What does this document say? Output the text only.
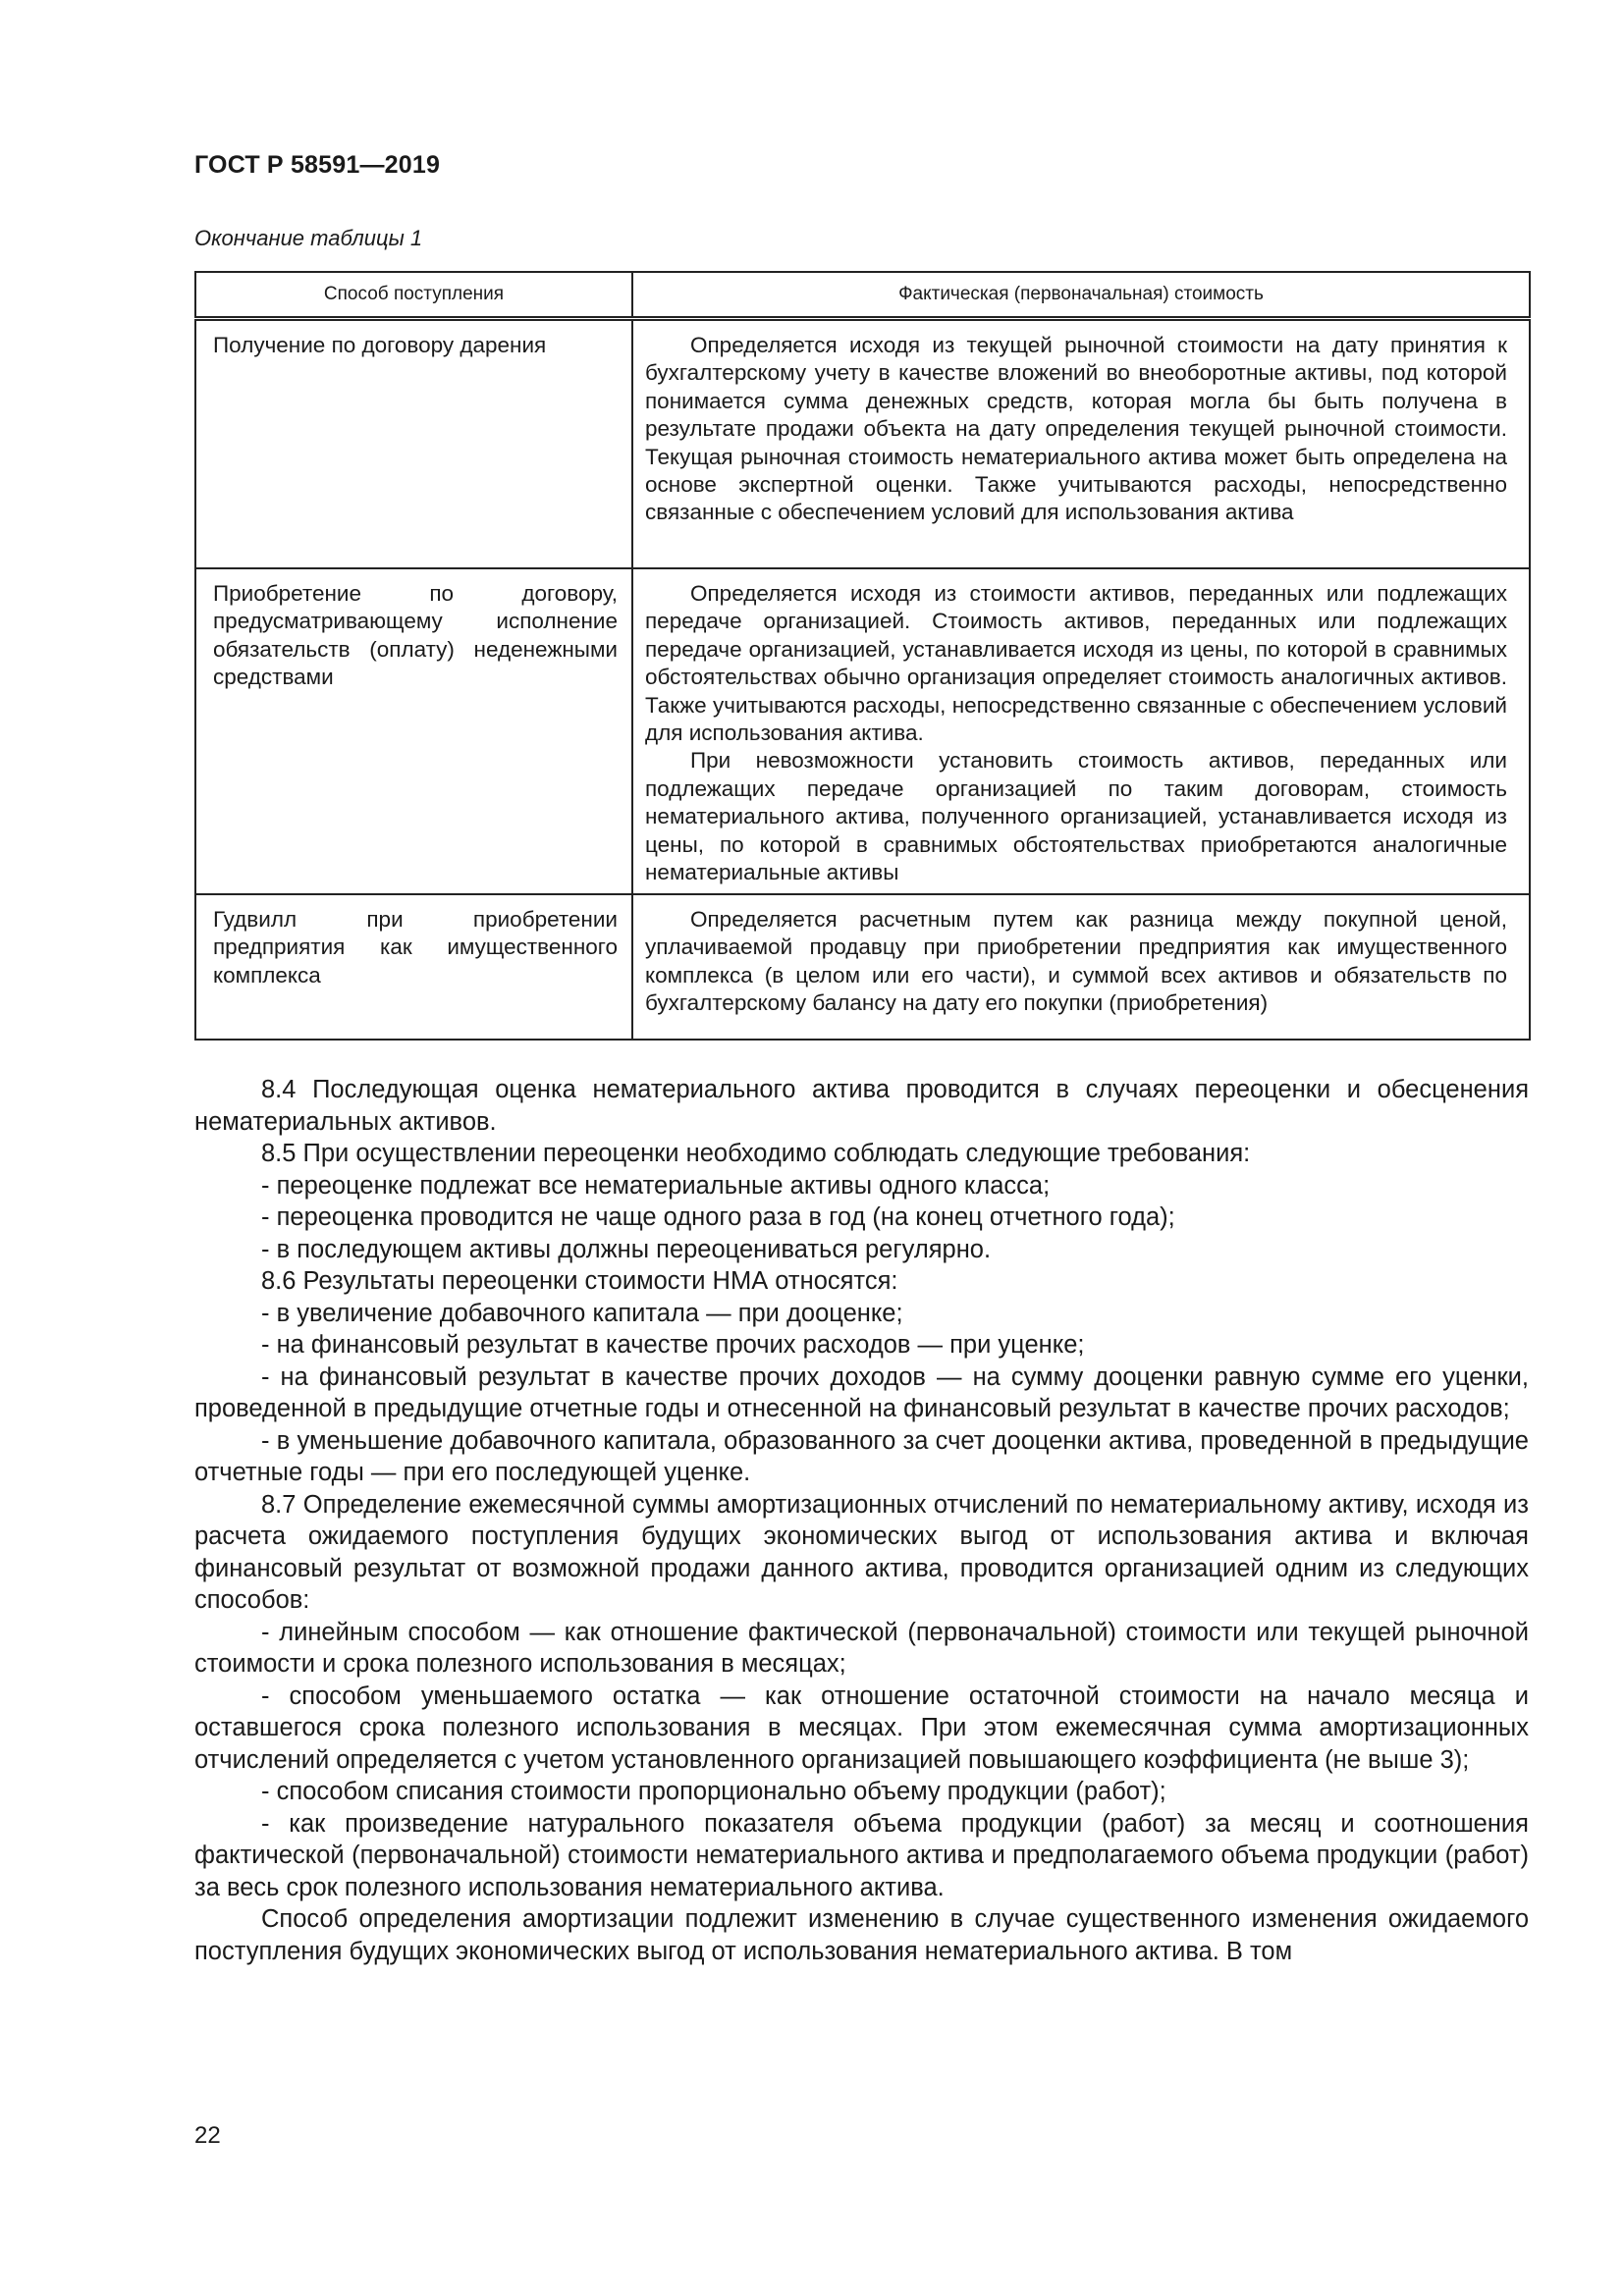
ГОСТ Р 58591—2019
Окончание таблицы 1
Способ поступления	Фактическая (первоначальная) стоимость
Получение по договору дарения	Определяется исходя из текущей рыночной стоимости на дату принятия к бухгалтерскому учету в качестве вложений во внеоборотные активы, под которой понимается сумма денежных средств, которая могла бы быть получена в результате продажи объекта на дату определения текущей рыночной стоимости. Текущая рыночная стоимость нематериального актива может быть определена на основе экспертной оценки. Также учитываются расходы, непосредственно связанные с обеспечением условий для использования актива

Приобретение по договору, предусматривающему исполнение обязательств (оплату) неденежными средствами	Определяется исходя из стоимости активов, переданных или подлежащих передаче организацией. Стоимость активов, переданных или подлежащих передаче организацией, устанавливается исходя из цены, по которой в сравнимых обстоятельствах обычно организация определяет стоимость аналогичных активов. Также учитываются расходы, непосредственно связанные с обеспечением условий для использования актива.

При невозможности установить стоимость активов, переданных или подлежащих передаче организацией по таким договорам, стоимость нематериального актива, полученного организацией, устанавливается исходя из цены, по которой в сравнимых обстоятельствах приобретаются аналогичные нематериальные активы

Гудвилл при приобретении предприятия как имущественного комплекса	Определяется расчетным путем как разница между покупной ценой, уплачиваемой продавцу при приобретении предприятия как имущественного комплекса (в целом или его части), и суммой всех активов и обязательств по бухгалтерскому балансу на дату его покупки (приобретения)

8.4 Последующая оценка нематериального актива проводится в случаях переоценки и обесценения нематериальных активов.

8.5 При осуществлении переоценки необходимо соблюдать следующие требования:

- переоценке подлежат все нематериальные активы одного класса;

- переоценка проводится не чаще одного раза в год (на конец отчетного года);

- в последующем активы должны переоцениваться регулярно.

8.6 Результаты переоценки стоимости НМА относятся:

- в увеличение добавочного капитала — при дооценке;

- на финансовый результат в качестве прочих расходов — при уценке;

- на финансовый результат в качестве прочих доходов — на сумму дооценки равную сумме его уценки, проведенной в предыдущие отчетные годы и отнесенной на финансовый результат в качестве прочих расходов;

- в уменьшение добавочного капитала, образованного за счет дооценки актива, проведенной в предыдущие отчетные годы — при его последующей уценке.

8.7 Определение ежемесячной суммы амортизационных отчислений по нематериальному активу, исходя из расчета ожидаемого поступления будущих экономических выгод от использования актива и включая финансовый результат от возможной продажи данного актива, проводится организацией одним из следующих способов:

- линейным способом — как отношение фактической (первоначальной) стоимости или текущей рыночной стоимости и срока полезного использования в месяцах;

- способом уменьшаемого остатка — как отношение остаточной стоимости на начало месяца и оставшегося срока полезного использования в месяцах. При этом ежемесячная сумма амортизационных отчислений определяется с учетом установленного организацией повышающего коэффициента (не выше 3);

- способом списания стоимости пропорционально объему продукции (работ);

- как произведение натурального показателя объема продукции (работ) за месяц и соотношения фактической (первоначальной) стоимости нематериального актива и предполагаемого объема продукции (работ) за весь срок полезного использования нематериального актива.

Способ определения амортизации подлежит изменению в случае существенного изменения ожидаемого поступления будущих экономических выгод от использования нематериального актива. В том

22
